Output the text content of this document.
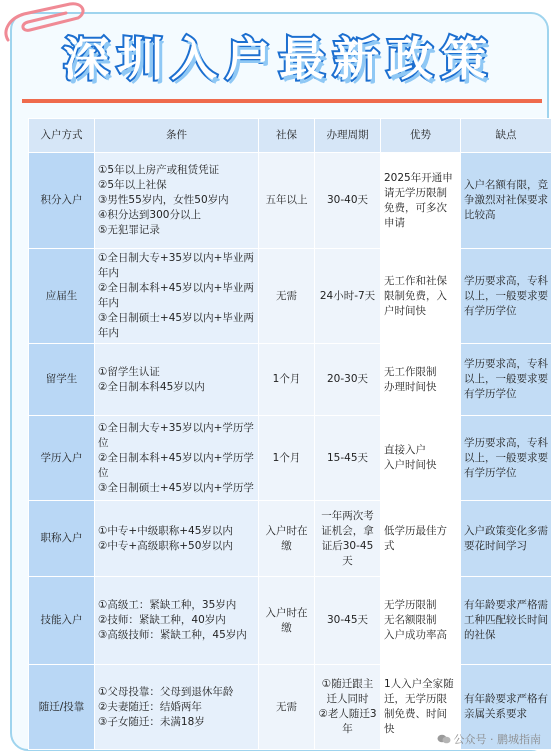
深圳入户最新政策
入户方式	条件	社保	办理周期	优势	缺点
积分入户	①5年以上房产或租赁凭证
②5年以上社保
③男性55岁内，女性50岁内
④积分达到300分以上
⑤无犯罪记录	五年以上	30-40天	2025年开通申请无学历限制免费，可多次申请	入户名额有限，竞争激烈对社保要求比较高

应届生	①全日制大专+35岁以内+毕业两年内
②全日制本科+45岁以内+毕业两年内
③全日制硕士+45岁以内+毕业两年内	无需	24小时-7天	无工作和社保限制免费，入户时间快	学历要求高，专科以上，一般要求要有学历学位

留学生	①留学生认证
②全日制本科45岁以内	1个月	20-30天	无工作限制
办理时间快	学历要求高，专科以上，一般要求要有学历学位

学历入户	①全日制大专+35岁以内+学历学位
②全日制本科+45岁以内+学历学位
③全日制硕士+45岁以内+学历学	1个月	15-45天	直接入户
入户时间快	学历要求高，专科以上，一般要求要有学历学位

职称入户	①中专+中级职称+45岁以内
②中专+高级职称+50岁以内	入户时在缴	一年两次考证机会，拿证后30-45天	低学历最佳方式	入户政策变化多需要花时间学习

技能入户	①高级工：紧缺工种，35岁内
②技师：紧缺工种，40岁内
③高级技师：紧缺工种，45岁内	入户时在缴	30-45天	无学历限制
无名额限制
入户成功率高	有年龄要求严格需工种匹配较长时间的社保

随迁/投靠	①父母投靠：父母到退休年龄
②夫妻随迁：结婚两年
③子女随迁：未满18岁	无需	①随迁跟主迁人同时
②老人随迁3年	1人入户全家随迁，无学历限制免费、时间快	有年龄要求严格有亲属关系要求
公众号 · 鹏城指南
